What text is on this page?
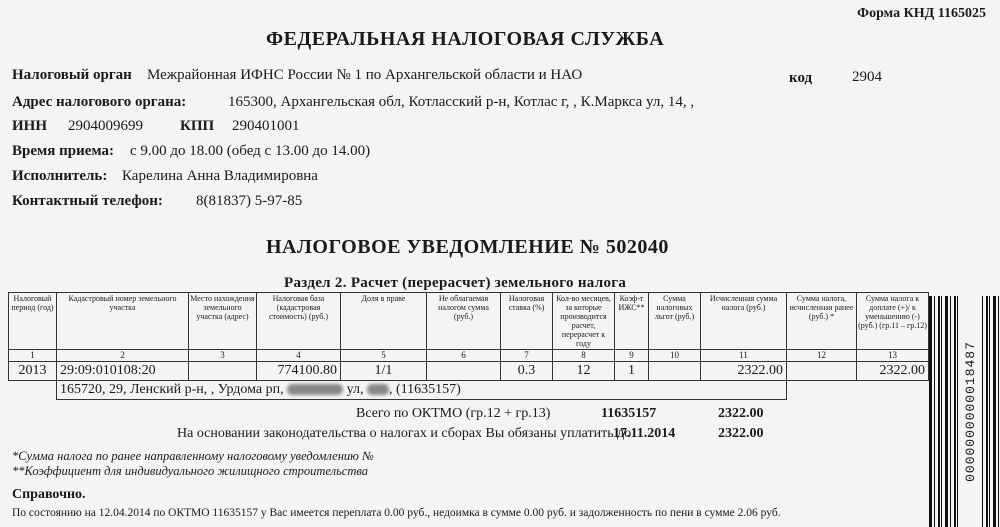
Форма КНД 1165025
ФЕДЕРАЛЬНАЯ НАЛОГОВАЯ СЛУЖБА
Налоговый орган Межрайонная ИФНС России № 1 по Архангельской области и НАО	код	2904
Адрес налогового органа:	165300, Архангельская обл, Котласский р-н, Котлас г, , К.Маркса ул, 14, ,
ИНН 2904009699 КПП 290401001
Время приема: с 9.00 до 18.00 (обед с 13.00 до 14.00)
Исполнитель: Карелина Анна Владимировна
Контактный телефон: 8(81837) 5-97-85
НАЛОГОВОЕ УВЕДОМЛЕНИЕ № 502040
Раздел 2. Расчет (перерасчет) земельного налога
Налоговый период (год)	Кадастровый номер земельного участка	Место нахождения земельного участка (адрес)	Налоговая база (кадастровая стоимость) (руб.)	Доля в праве	Не облагаемая налогом сумма (руб.)	Налоговая ставка (%)	Кол-во месяцев, за которые производится расчет, перерасчет к году	Коэф-т ИЖС**	Сумма налоговых льгот (руб.)	Исчисленная сумма налога (руб.)	Сумма налога, исчисленная ранее (руб.) *	Сумма налога к доплате (+)/ к уменьшению (-) (руб.) (гр.11 – гр.12)
1	2	3	4	5	6	7	8	9	10	11	12	13
2013	29:09:010108:20		774100.80	1/1		0.3	12	1		2322.00		2322.00
	165720, 29, Ленский р-н, , Урдома рп, ул, , (11635157)											
Всего по ОКТМО (гр.12 + гр.13)	11635157	2322.00
На основании законодательства о налогах и сборах Вы обязаны уплатить до
17.11.2014	2322.00
*Сумма налога по ранее направленному налоговому уведомлению №
**Коэффициент для индивидуального жилищного строительства
Справочно.
По состоянию на 12.04.2014 по ОКТМО 11635157 у Вас имеется переплата 0.00 руб., недоимка в сумме 0.00 руб. и задолженность по пени в сумме 2.06 руб.
0000000000018487
